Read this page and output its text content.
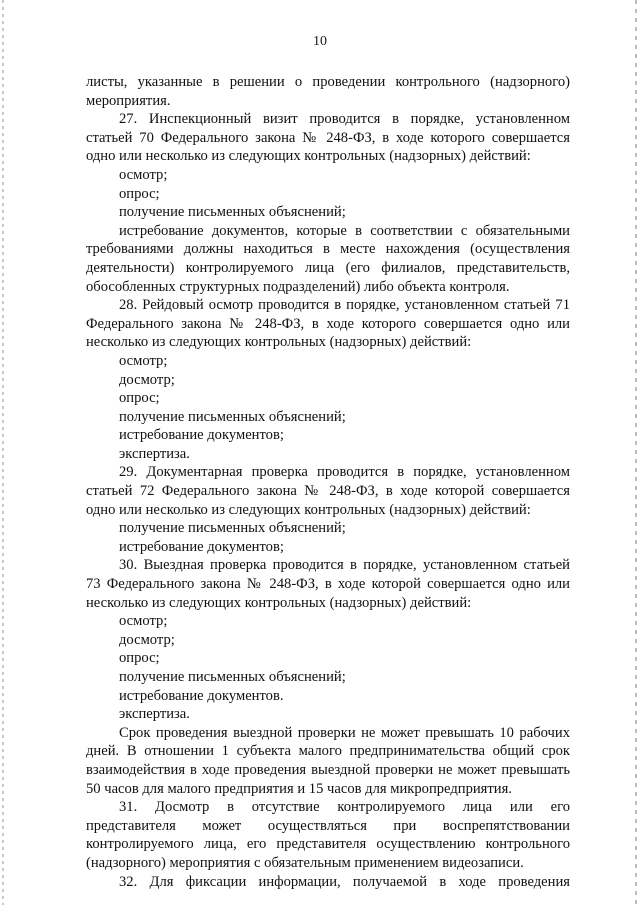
10
листы, указанные в решении о проведении контрольного (надзорного)
мероприятия.
27. Инспекционный визит проводится в порядке, установленном
статьей 70 Федерального закона № 248-ФЗ, в ходе которого совершается
одно или несколько из следующих контрольных (надзорных) действий:
осмотр;
опрос;
получение письменных объяснений;
истребование документов, которые в соответствии с обязательными
требованиями должны находиться в месте нахождения (осуществления
деятельности) контролируемого лица (его филиалов, представительств,
обособленных структурных подразделений) либо объекта контроля.
28. Рейдовый осмотр проводится в порядке, установленном статьей 71
Федерального закона № 248-ФЗ, в ходе которого совершается одно или
несколько из следующих контрольных (надзорных) действий:
осмотр;
досмотр;
опрос;
получение письменных объяснений;
истребование документов;
экспертиза.
29. Документарная проверка проводится в порядке, установленном
статьей 72 Федерального закона № 248-ФЗ, в ходе которой совершается
одно или несколько из следующих контрольных (надзорных) действий:
получение письменных объяснений;
истребование документов;
30. Выездная проверка проводится в порядке, установленном статьей
73 Федерального закона № 248-ФЗ, в ходе которой совершается одно или
несколько из следующих контрольных (надзорных) действий:
осмотр;
досмотр;
опрос;
получение письменных объяснений;
истребование документов.
экспертиза.
Срок проведения выездной проверки не может превышать 10 рабочих
дней. В отношении 1 субъекта малого предпринимательства общий срок
взаимодействия в ходе проведения выездной проверки не может превышать
50 часов для малого предприятия и 15 часов для микропредприятия.
31. Досмотр в отсутствие контролируемого лица или его
представителя может осуществляться при воспрепятствовании
контролируемого лица, его представителя осуществлению контрольного
(надзорного) мероприятия с обязательным применением видеозаписи.
32. Для фиксации информации, получаемой в ходе проведения
